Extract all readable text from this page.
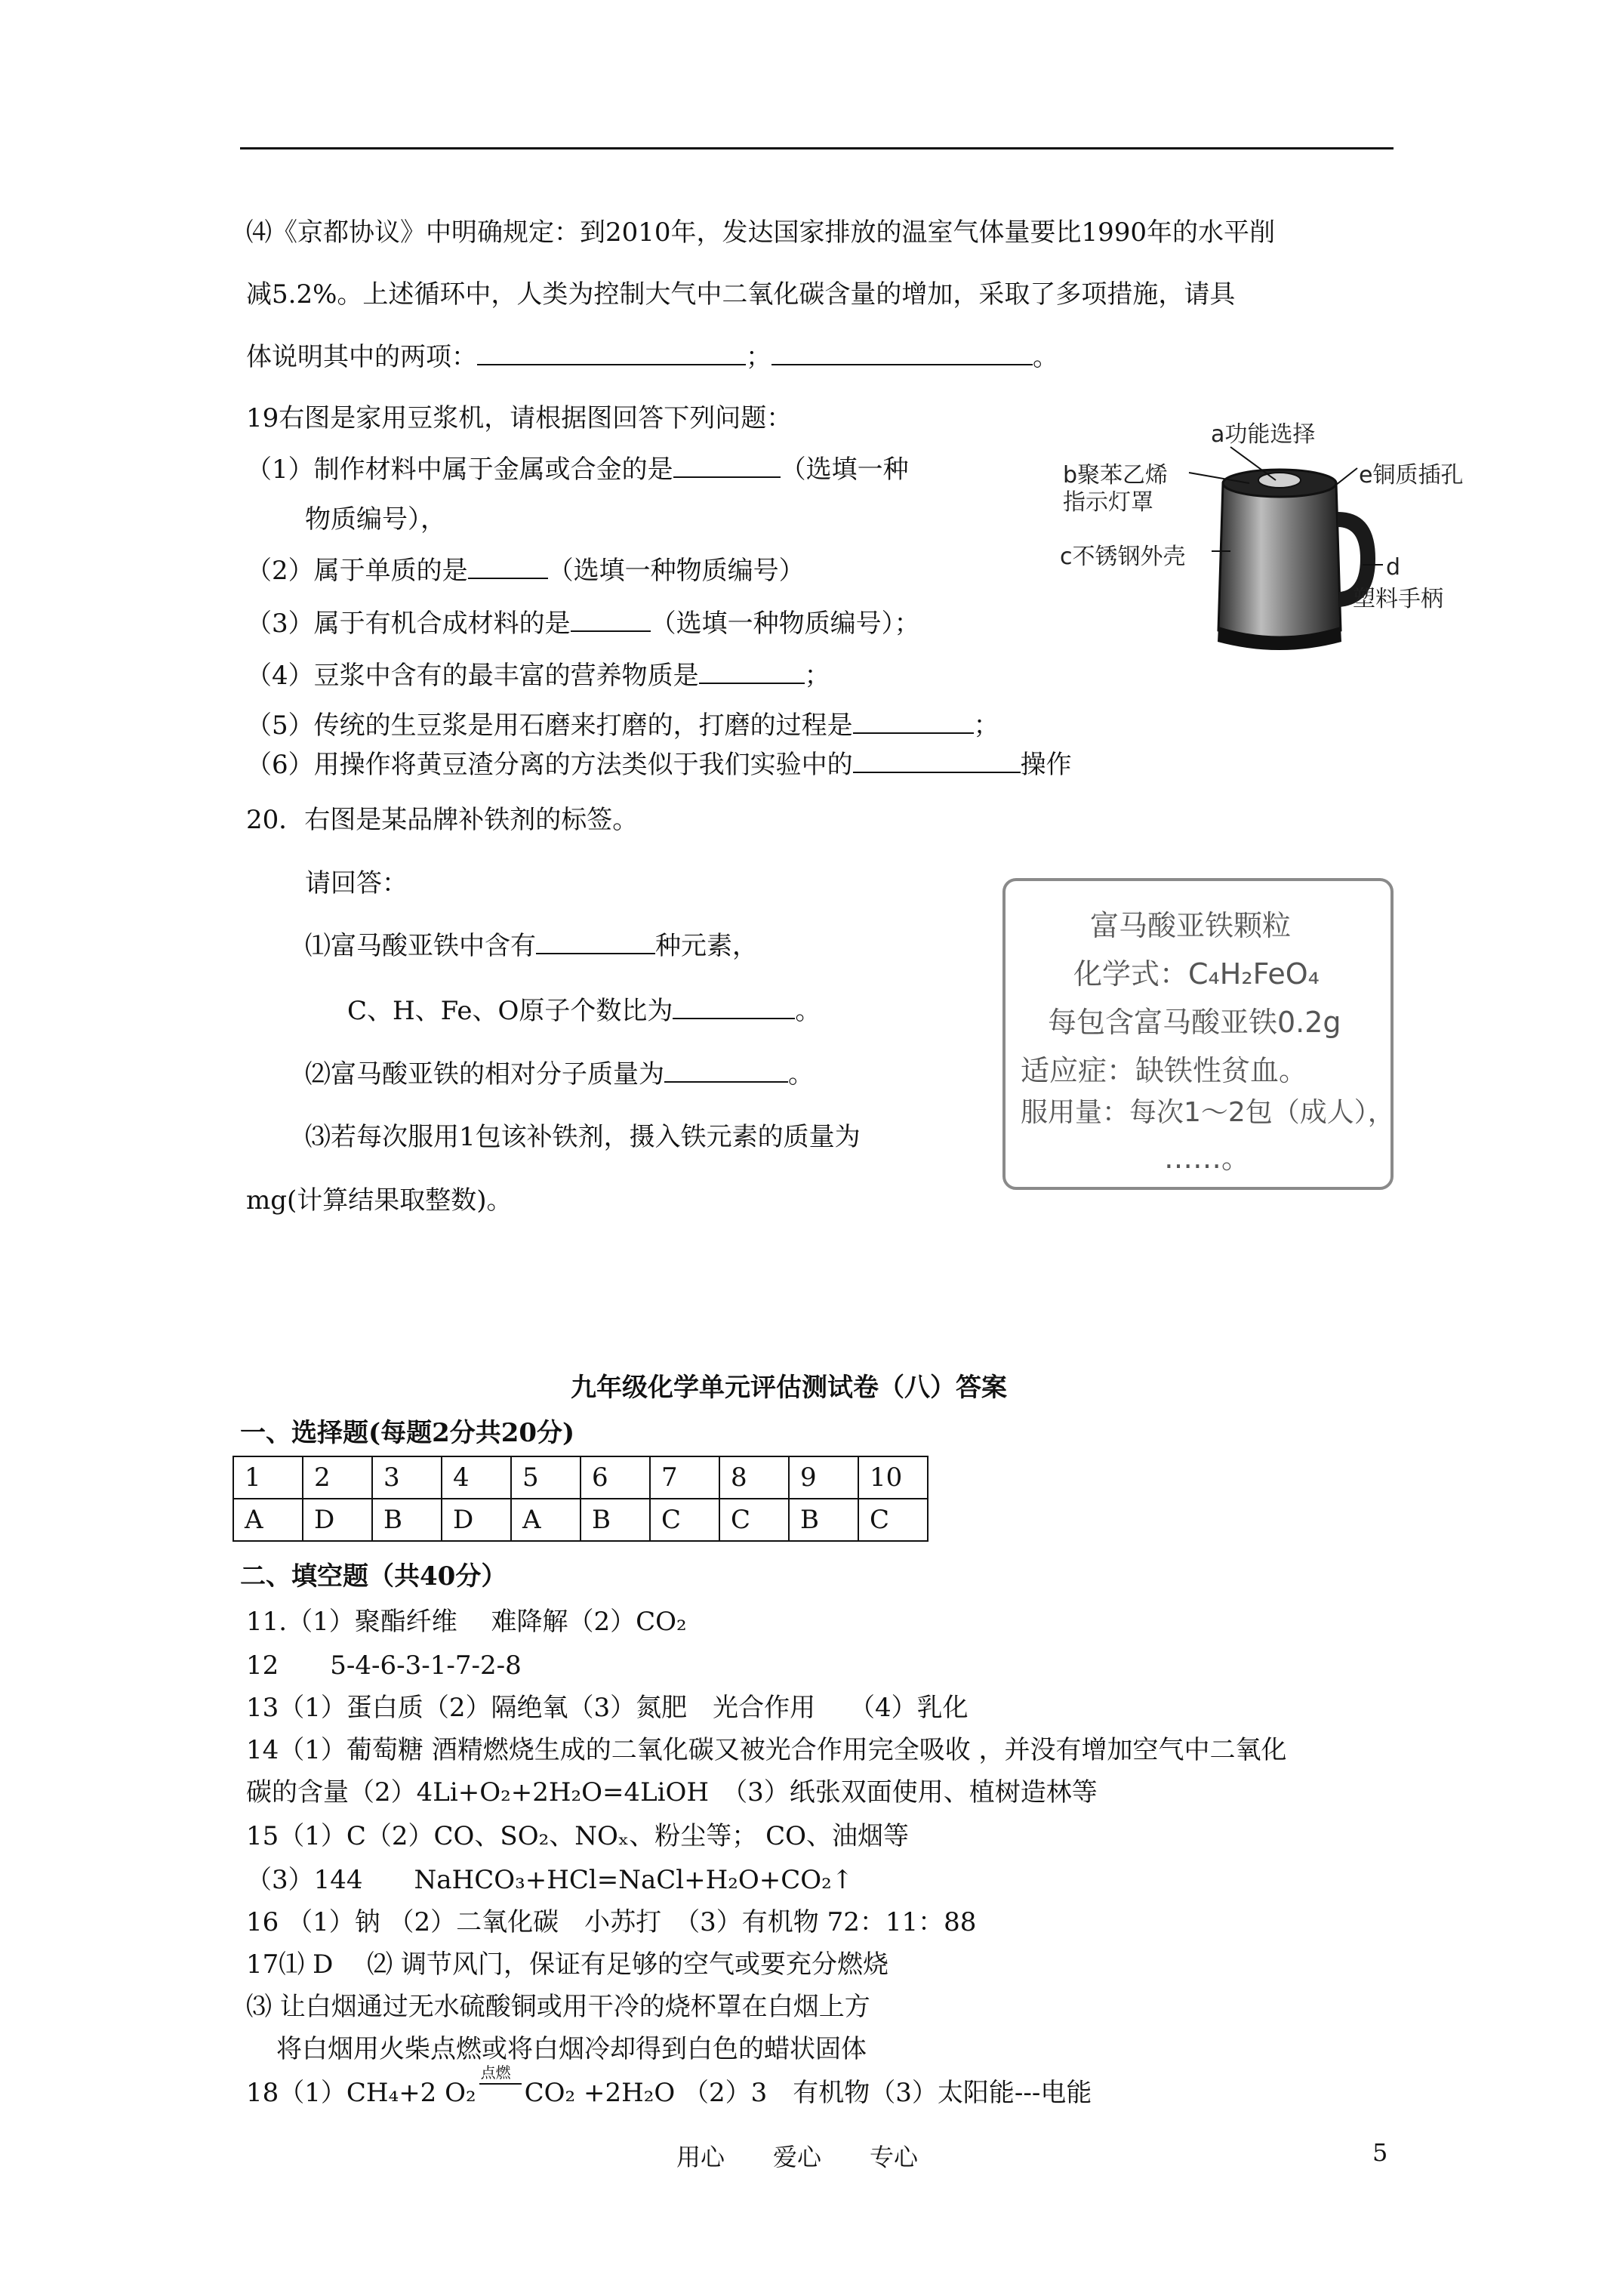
⑷《京都协议》中明确规定：到2010年，发达国家排放的温室气体量要比1990年的水平削
减5.2%。上述循环中，人类为控制大气中二氧化碳含量的增加，采取了多项措施，请具
体说明其中的两项：	；	。
19右图是家用豆浆机，请根据图回答下列问题：
（1）制作材料中属于金属或合金的是	（选填一种
物质编号），
（2）属于单质的是	（选填一种物质编号）
（3）属于有机合成材料的是	（选填一种物质编号）；
（4）豆浆中含有的最丰富的营养物质是	；
（5）传统的生豆浆是用石磨来打磨的，打磨的过程是	；
（6）用操作将黄豆渣分离的方法类似于我们实验中的	操作
a功能选择
b聚苯乙烯
指示灯罩
e铜质插孔
c不锈钢外壳	d
塑料手柄
20．右图是某品牌补铁剂的标签。
请回答：
⑴富马酸亚铁中含有	种元素，
C、H、Fe、O原子个数比为	。
⑵富马酸亚铁的相对分子质量为	。
⑶若每次服用1包该补铁剂，摄入铁元素的质量为
mg(计算结果取整数)。
富马酸亚铁颗粒
化学式：C₄H₂FeO₄
每包含富马酸亚铁0.2g
适应症：缺铁性贫血。
服用量：每次1～2包（成人），
……。
九年级化学单元评估测试卷（八）答案
一、选择题(每题2分共20分)
1	2	3	4	5	6	7	8	9	10
A	D	B	D	A	B	C	C	B	C
二、填空题（共40分）
11.（1）聚酯纤维　 难降解（2）CO₂
12　　5-4-6-3-1-7-2-8
13（1）蛋白质（2）隔绝氧（3）氮肥　光合作用　 （4）乳化
14（1）葡萄糖 酒精燃烧生成的二氧化碳又被光合作用完全吸收 ，并没有增加空气中二氧化
碳的含量（2）4Li+O₂+2H₂O=4LiOH　（3）纸张双面使用、植树造林等
15（1）C（2）CO、SO₂、NOₓ、粉尘等； CO、油烟等
（3）144　　NaHCO₃+HCl=NaCl+H₂O+CO₂↑
16 （1）钠 （2）二氧化碳　小苏打　（3）有机物 72：11：88
17⑴ D　 ⑵ 调节风门，保证有足够的空气或要充分燃烧
⑶ 让白烟通过无水硫酸铜或用干冷的烧杯罩在白烟上方
将白烟用火柴点燃或将白烟冷却得到白色的蜡状固体
18（1）CH₄+2 O₂
点燃
CO₂ +2H₂O （2）3　有机物（3）太阳能---电能
用心　　爱心　　专心	5
